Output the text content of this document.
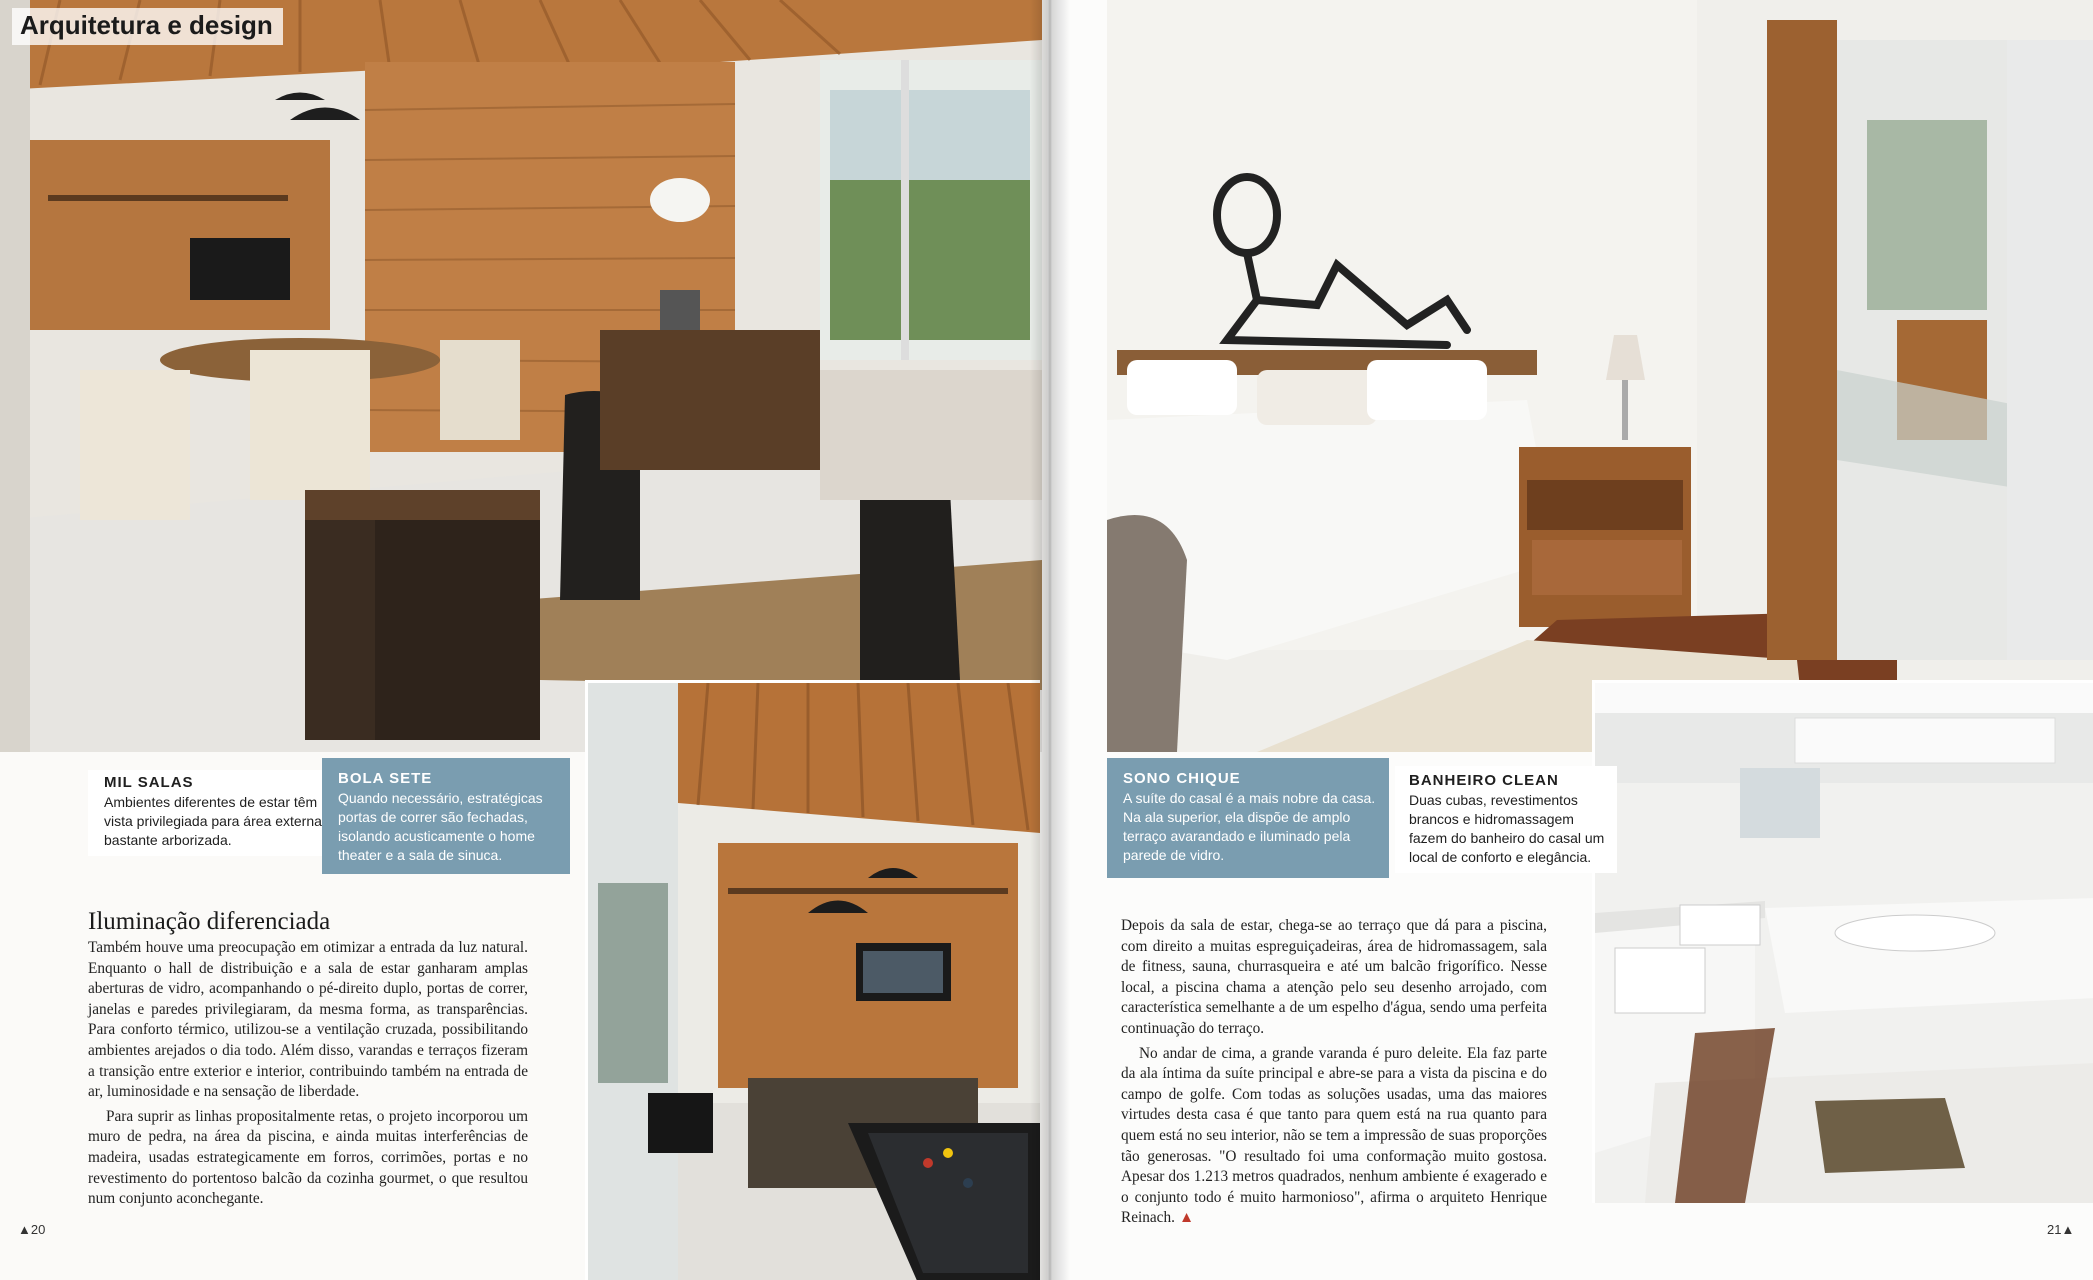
Arquitetura e design
MIL SALAS
Ambientes diferentes de estar têm vista privilegiada para área externa bastante arborizada.
BOLA SETE
Quando necessário, estratégicas portas de correr são fechadas, isolando acusticamente o home theater e a sala de sinuca.
Iluminação diferenciada

Também houve uma preocupação em otimizar a entrada da luz natural. Enquanto o hall de distribuição e a sala de estar ganharam amplas aberturas de vidro, acompanhando o pé-direito duplo, portas de correr, janelas e paredes privilegiaram, da mesma forma, as transparências. Para conforto térmico, utilizou-se a ventilação cruzada, possibilitando ambientes arejados o dia todo. Além disso, varandas e terraços fizeram a transição entre exterior e interior, contribuindo também na entrada de ar, luminosidade e na sensação de liberdade.

Para suprir as linhas propositalmente retas, o projeto incorporou um muro de pedra, na área da piscina, e ainda muitas interferências de madeira, usadas estrategicamente em forros, corrimões, portas e no revestimento do portentoso balcão da cozinha gourmet, o que resultou num conjunto aconchegante.

▲20
SONO CHIQUE
A suíte do casal é a mais nobre da casa. Na ala superior, ela dispõe de amplo terraço avarandado e iluminado pela parede de vidro.
BANHEIRO CLEAN
Duas cubas, revestimentos brancos e hidromassagem fazem do banheiro do casal um local de conforto e elegância.

Depois da sala de estar, chega-se ao terraço que dá para a piscina, com direito a muitas espreguiçadeiras, área de hidromassagem, sala de fitness, sauna, churrasqueira e até um balcão frigorífico. Nesse local, a piscina chama a atenção pelo seu desenho arrojado, com característica semelhante a de um espelho d'água, sendo uma perfeita continuação do terraço.

No andar de cima, a grande varanda é puro deleite. Ela faz parte da ala íntima da suíte principal e abre-se para a vista da piscina e do campo de golfe. Com todas as soluções usadas, uma das maiores virtudes desta casa é que tanto para quem está na rua quanto para quem está no seu interior, não se tem a impressão de suas proporções tão generosas. "O resultado foi uma conformação muito gostosa. Apesar dos 1.213 metros quadrados, nenhum ambiente é exagerado e o conjunto todo é muito harmonioso", afirma o arquiteto Henrique Reinach. ▲

21▲
